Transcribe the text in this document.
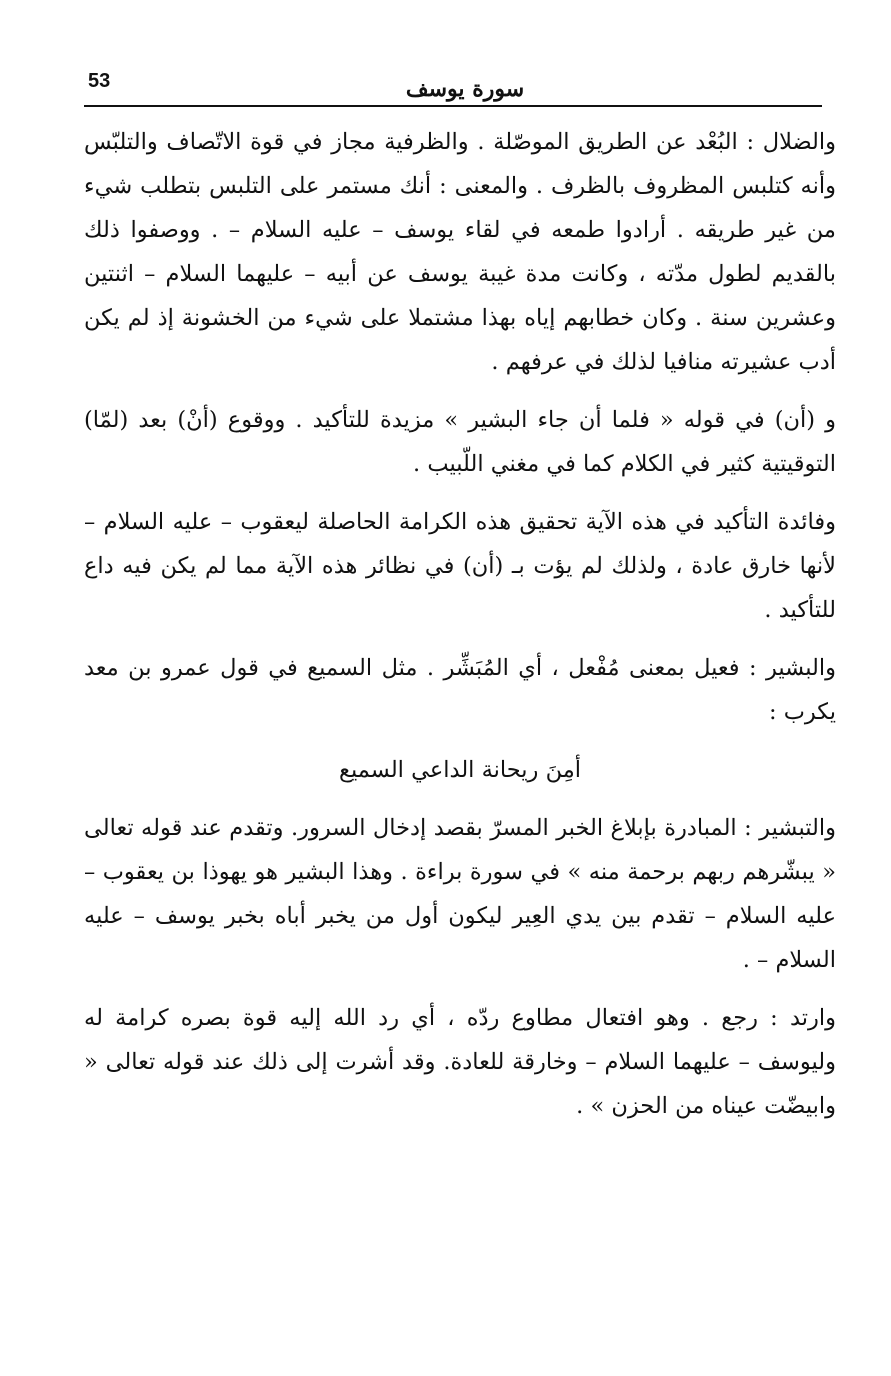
53	سورة يوسف

والضلال : البُعْد عن الطريق الموصّلة . والظرفية مجاز في قوة الاتّصاف والتلبّس وأنه كتلبس المظروف بالظرف . والمعنى : أنك مستمر على التلبس بتطلب شيء من غير طريقه . أرادوا طمعه في لقاء يوسف – عليه السلام – . ووصفوا ذلك بالقديم لطول مدّته ، وكانت مدة غيبة يوسف عن أبيه – عليهما السلام – اثنتين وعشرين سنة . وكان خطابهم إياه بهذا مشتملا على شيء من الخشونة إذ لم يكن أدب عشيرته منافيا لذلك في عرفهم .

و (أن) في قوله « فلما أن جاء البشير » مزيدة للتأكيد . ووقوع (أنْ) بعد (لمّا) التوقيتية كثير في الكلام كما في مغني اللّبيب .

وفائدة التأكيد في هذه الآية تحقيق هذه الكرامة الحاصلة ليعقوب – عليه السلام – لأنها خارق عادة ، ولذلك لم يؤت بـ (أن) في نظائر هذه الآية مما لم يكن فيه داع للتأكيد .

والبشير : فعيل بمعنى مُفْعل ، أي المُبَشِّر . مثل السميع في قول عمرو بن معد يكرب :

أمِنَ ريحانة الداعي السميع

والتبشير : المبادرة بإبلاغ الخبر المسرّ بقصد إدخال السرور. وتقدم عند قوله تعالى « يبشّرهم ربهم برحمة منه » في سورة براءة . وهذا البشير هو يهوذا بن يعقوب – عليه السلام – تقدم بين يدي العِير ليكون أول من يخبر أباه بخبر يوسف – عليه السلام – .

وارتد : رجع . وهو افتعال مطاوع ردّه ، أي رد الله إليه قوة بصره كرامة له وليوسف – عليهما السلام – وخارقة للعادة. وقد أشرت إلى ذلك عند قوله تعالى « وابيضّت عيناه من الحزن » .
